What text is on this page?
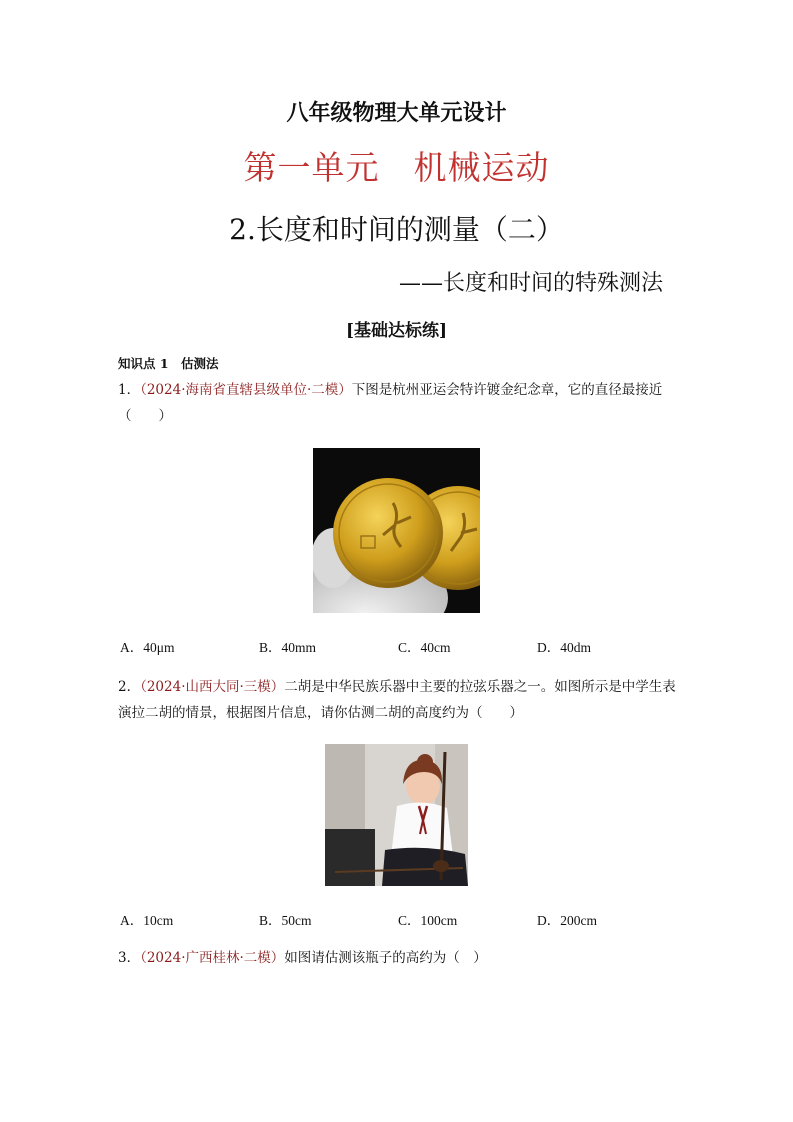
八年级物理大单元设计
第一单元　机械运动
2.长度和时间的测量（二）
——长度和时间的特殊测法
[基础达标练]
知识点 1　估测法
1．（2024·海南省直辖县级单位·二模）下图是杭州亚运会特许镀金纪念章，它的直径最接近（　　）
A．40μm	B．40mm	C．40cm	D．40dm
2．（2024·山西大同·三模）二胡是中华民族乐器中主要的拉弦乐器之一。如图所示是中学生表演拉二胡的情景，根据图片信息，请你估测二胡的高度约为（　　）
A．10cm	B．50cm	C．100cm	D．200cm
3．（2024·广西桂林·二模）如图请估测该瓶子的高约为（　）
